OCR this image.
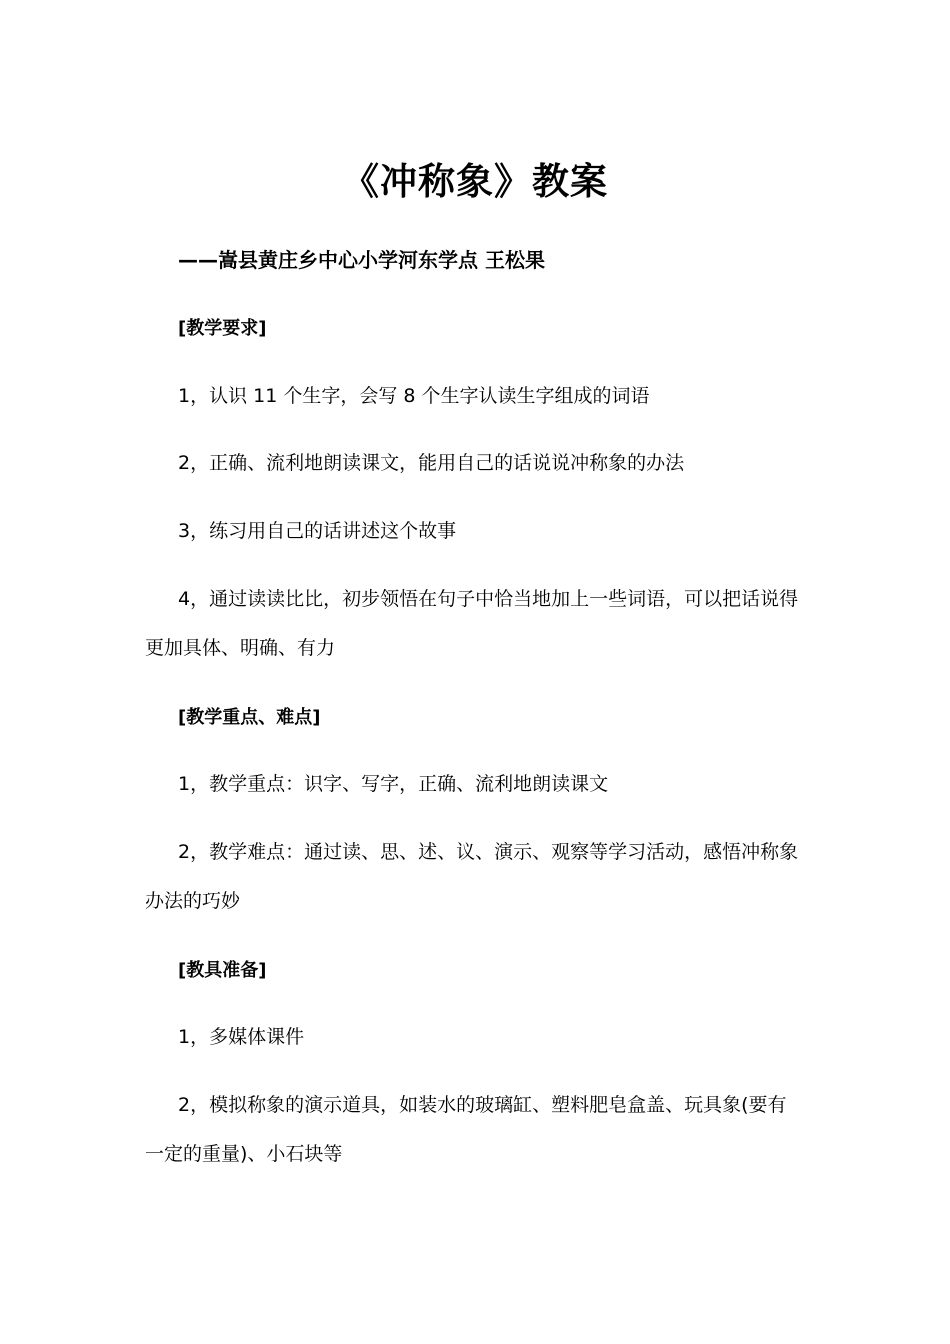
《冲称象》教案
——嵩县黄庄乡中心小学河东学点 王松果
[教学要求]
1，认识 11 个生字，会写 8 个生字认读生字组成的词语
2，正确、流利地朗读课文，能用自己的话说说冲称象的办法
3，练习用自己的话讲述这个故事
4，通过读读比比，初步领悟在句子中恰当地加上一些词语，可以把话说得更加具体、明确、有力
[教学重点、难点]
1，教学重点：识字、写字，正确、流利地朗读课文
2，教学难点：通过读、思、述、议、演示、观察等学习活动，感悟冲称象办法的巧妙
[教具准备]
1，多媒体课件
2，模拟称象的演示道具，如装水的玻璃缸、塑料肥皂盒盖、玩具象(要有一定的重量)、小石块等
